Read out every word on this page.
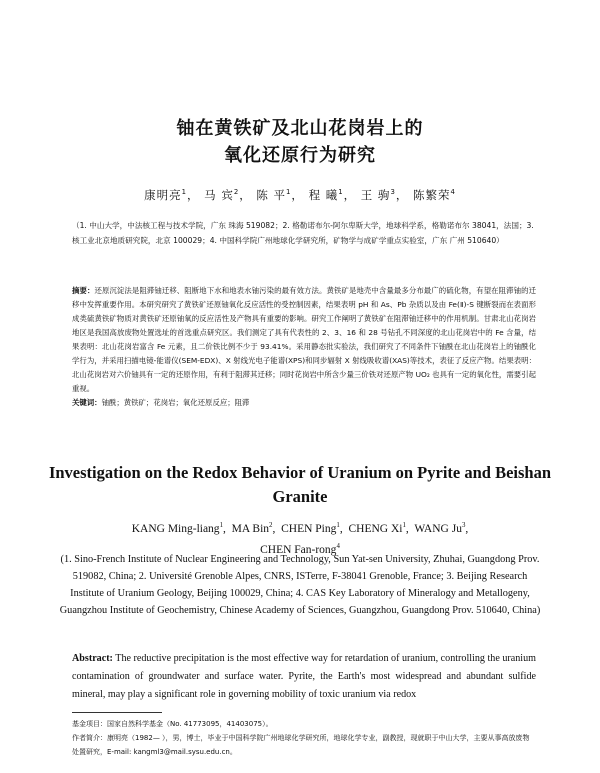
铀在黄铁矿及北山花岗岩上的
氧化还原行为研究
康明亮$^1$， 马 宾$^2$， 陈 平$^1$， 程 曦$^1$， 王 驹$^3$， 陈繁荣$^4$
（1. 中山大学，中法核工程与技术学院，广东 珠海 519082；2. 格勒诺布尔-阿尔卑斯大学，地球科学系，格勒诺布尔 38041，法国；3. 核工业北京地质研究院，北京 100029；4. 中国科学院广州地球化学研究所，矿物学与成矿学重点实验室，广东 广州 510640）
摘要：还原沉淀法是阻滞铀迁移、阻断地下水和地表水铀污染的最有效方法。黄铁矿是地壳中含量最多分布最广的硫化物，有望在阻滞铀的迁移中发挥重要作用。本研究研究了黄铁矿还原铀氧化反应活性的受控制因素，结果表明 pH 和 As、Pb 杂质以及由 Fe(Ⅱ)-S 键断裂而在表面形成类硫黄铁矿物质对黄铁矿还原铀氧的反应活性及产物具有重要的影响。研究工作阐明了黄铁矿在阻滞铀迁移中的作用机制。甘肃北山花岗岩地区是我国高放废物处置选址的首选重点研究区。我们测定了具有代表性的 2、3、16 和 28 号钻孔不同深度的北山花岗岩中的 Fe 含量，结果表明：北山花岗岩富含 Fe 元素，且二价铁比例不少于 93.41%。采用静态批实验法，我们研究了不同条件下铀酰在北山花岗岩上的铀酰化学行为，并采用扫描电镜-能谱仪(SEM-EDX)、X 射线光电子能谱(XPS)和同步辐射 X 射线吸收谱(XAS)等技术，表征了反应产物。结果表明：北山花岗岩对六价铀具有一定的还原作用，有利于阻滞其迁移；同时花岗岩中所含少量三价铁对还原产物 UO₂ 也具有一定的氧化性，需要引起重视。
关键词：铀酰；黄铁矿；花岗岩；氧化还原反应；阻滞
Investigation on the Redox Behavior of Uranium on Pyrite and Beishan Granite
KANG Ming-liang$^1$,  MA Bin$^2$,  CHEN Ping$^1$,  CHENG Xi$^1$,  WANG Ju$^3$,
CHEN Fan-rong$^4$
(1. Sino-French Institute of Nuclear Engineering and Technology, Sun Yat-sen University, Zhuhai, Guangdong Prov. 519082, China; 2. Université Grenoble Alpes, CNRS, ISTerre, F-38041 Grenoble, France; 3. Beijing Research Institute of Uranium Geology, Beijing 100029, China; 4. CAS Key Laboratory of Mineralogy and Metallogeny, Guangzhou Institute of Geochemistry, Chinese Academy of Sciences, Guangzhou, Guangdong Prov. 510640, China)
Abstract: The reductive precipitation is the most effective way for retardation of uranium, controlling the uranium contamination of groundwater and surface water. Pyrite, the Earth's most widespread and abundant sulfide mineral, may play a significant role in governing mobility of toxic uranium via redox
基金项目：国家自然科学基金（No. 41773095，41403075）。
作者简介：康明亮（1982— ），男，博士，毕业于中国科学院广州地球化学研究所，地球化学专业，副教授，现就职于中山大学，主要从事高放废物处置研究，E-mail: kangml3@mail.sysu.edu.cn。
